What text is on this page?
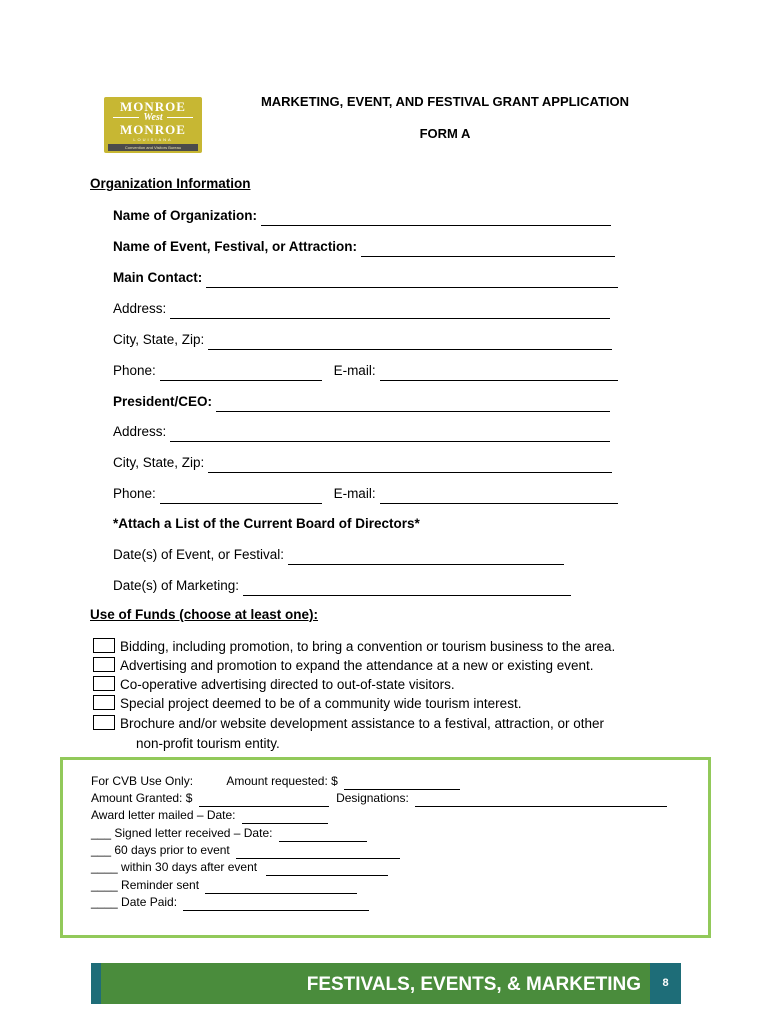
MONROE
West
MONROE
LOUISIANA
Convention and Visitors Bureau
MARKETING, EVENT, AND FESTIVAL GRANT APPLICATION
FORM A
Organization Information
Name of Organization:
Name of Event, Festival, or Attraction:
Main Contact:
Address:
City, State, Zip:
Phone:	E-mail:
President/CEO:
Address:
City, State, Zip:
Phone:	E-mail:
*Attach a List of the Current Board of Directors*
Date(s) of Event, or Festival:
Date(s) of Marketing:
Use of Funds (choose at least one):
Bidding, including promotion, to bring a convention or tourism business to the area.
Advertising and promotion to expand the attendance at a new or existing event.
Co-operative advertising directed to out-of-state visitors.
Special project deemed to be of a community wide tourism interest.
Brochure and/or website development assistance to a festival, attraction, or other
non-profit tourism entity.
For CVB Use Only:	Amount requested: $
Amount Granted: $	Designations:
Award letter mailed – Date:
___ Signed letter received – Date:
___ 60 days prior to event
____ within 30 days after event
____ Reminder sent
____ Date Paid:
FESTIVALS, EVENTS, & MARKETING	8
